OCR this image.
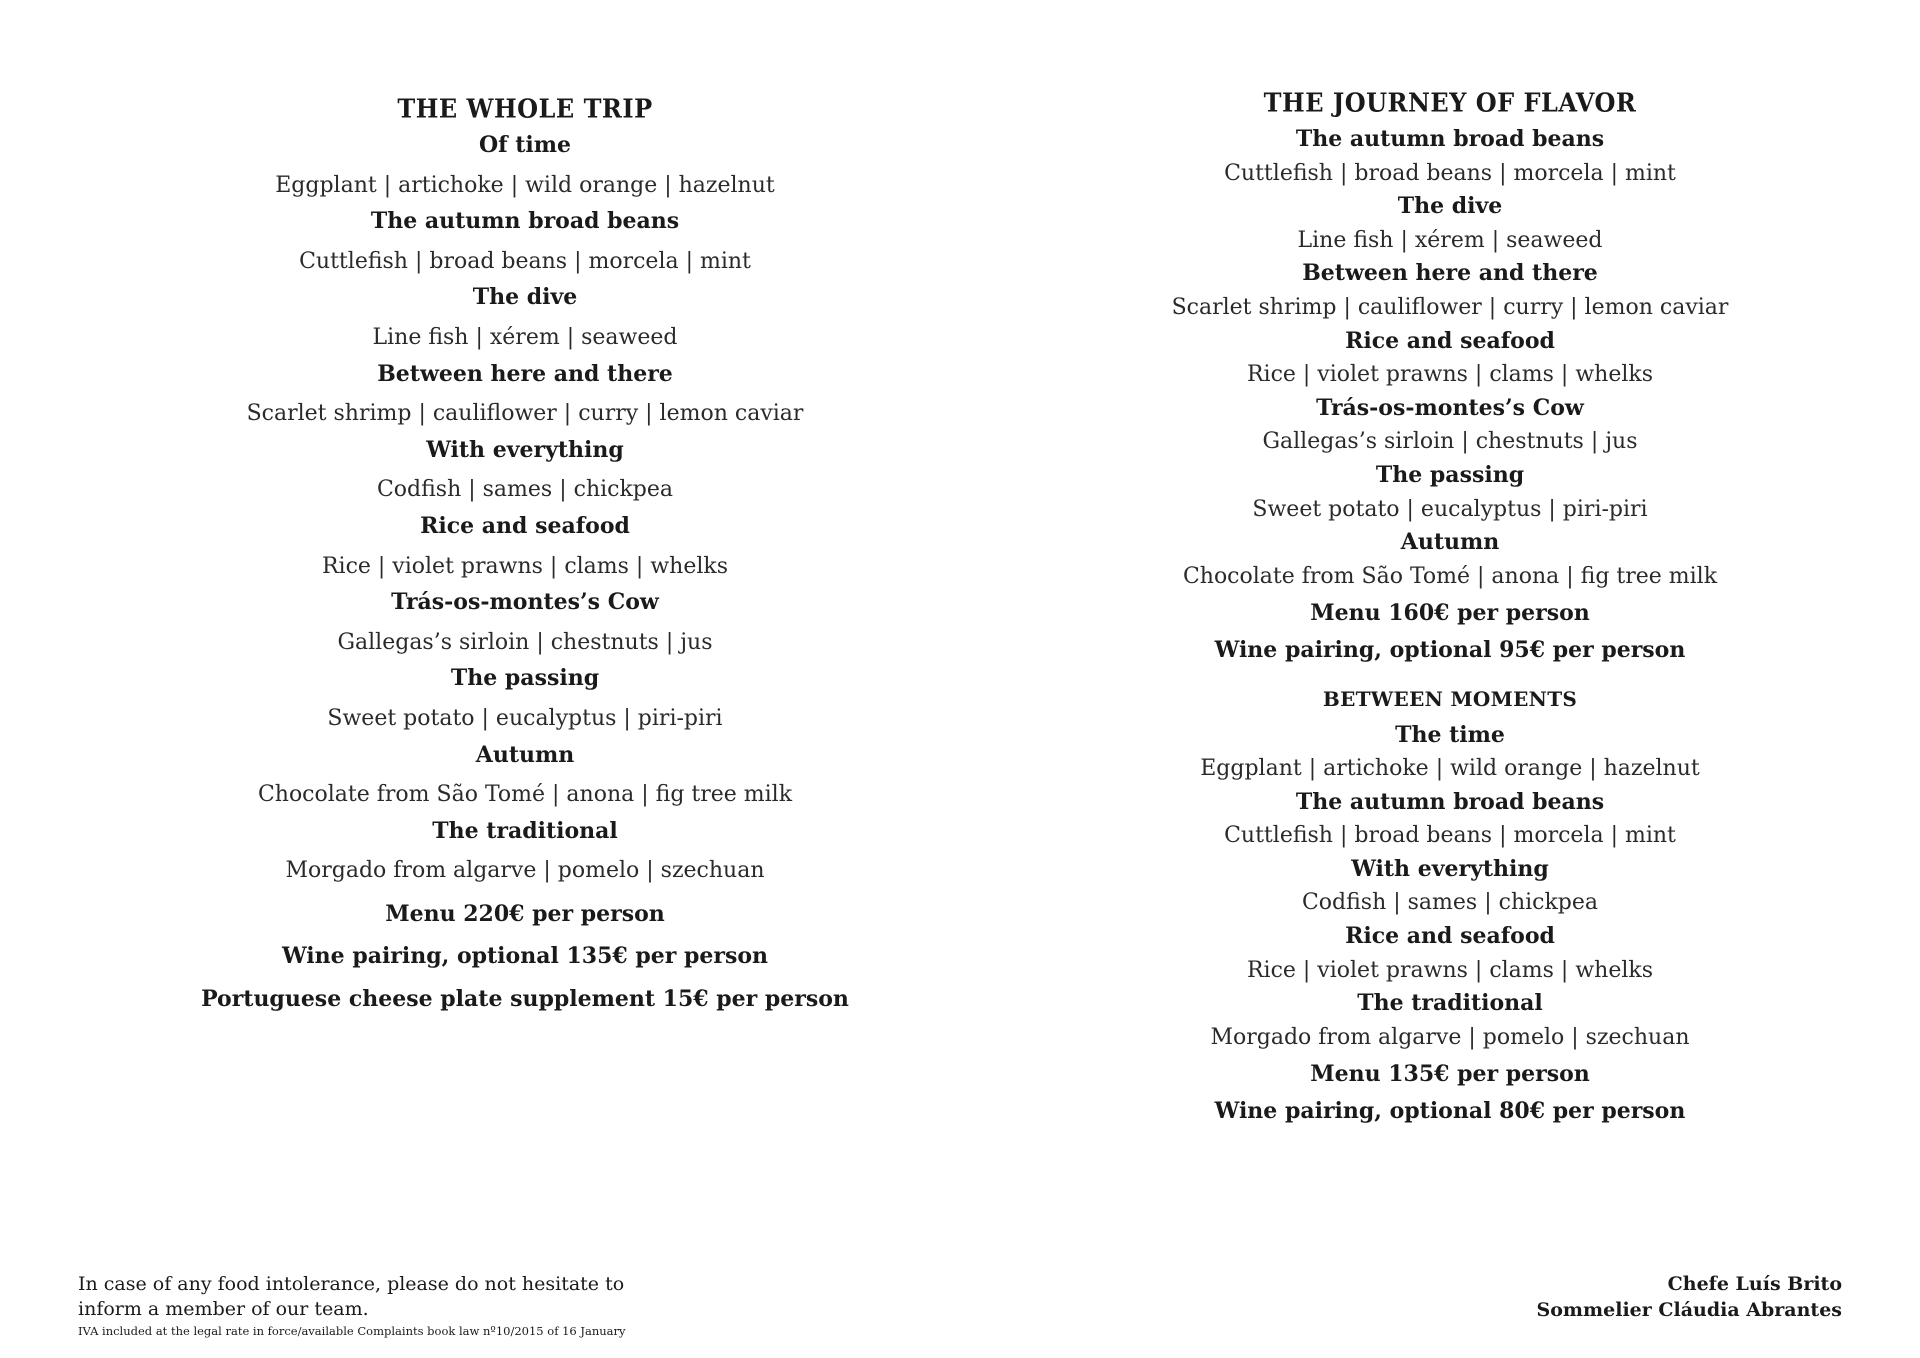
THE WHOLE TRIP
Of time
Eggplant | artichoke | wild orange | hazelnut
The autumn broad beans
Cuttlefish | broad beans | morcela | mint
The dive
Line fish | xérem | seaweed
Between here and there
Scarlet shrimp | cauliflower | curry | lemon caviar
With everything
Codfish | sames | chickpea
Rice and seafood
Rice | violet prawns | clams | whelks
Trás-os-montes’s Cow
Gallegas’s sirloin | chestnuts | jus
The passing
Sweet potato | eucalyptus | piri-piri
Autumn
Chocolate from São Tomé | anona | fig tree milk
The traditional
Morgado from algarve | pomelo | szechuan
Menu 220€ per person
Wine pairing, optional 135€ per person
Portuguese cheese plate supplement 15€ per person
THE JOURNEY OF FLAVOR
The autumn broad beans
Cuttlefish | broad beans | morcela | mint
The dive
Line fish | xérem | seaweed
Between here and there
Scarlet shrimp | cauliflower | curry | lemon caviar
Rice and seafood
Rice | violet prawns | clams | whelks
Trás-os-montes’s Cow
Gallegas’s sirloin | chestnuts | jus
The passing
Sweet potato | eucalyptus | piri-piri
Autumn
Chocolate from São Tomé | anona | fig tree milk
Menu 160€ per person
Wine pairing, optional 95€ per person
BETWEEN MOMENTS
The time
Eggplant | artichoke | wild orange | hazelnut
The autumn broad beans
Cuttlefish | broad beans | morcela | mint
With everything
Codfish | sames | chickpea
Rice and seafood
Rice | violet prawns | clams | whelks
The traditional
Morgado from algarve | pomelo | szechuan
Menu 135€ per person
Wine pairing, optional 80€ per person
In case of any food intolerance, please do not hesitate to
inform a member of our team.
IVA included at the legal rate in force/available Complaints book law nº10/2015 of 16 January
Chefe Luís Brito
Sommelier Cláudia Abrantes
